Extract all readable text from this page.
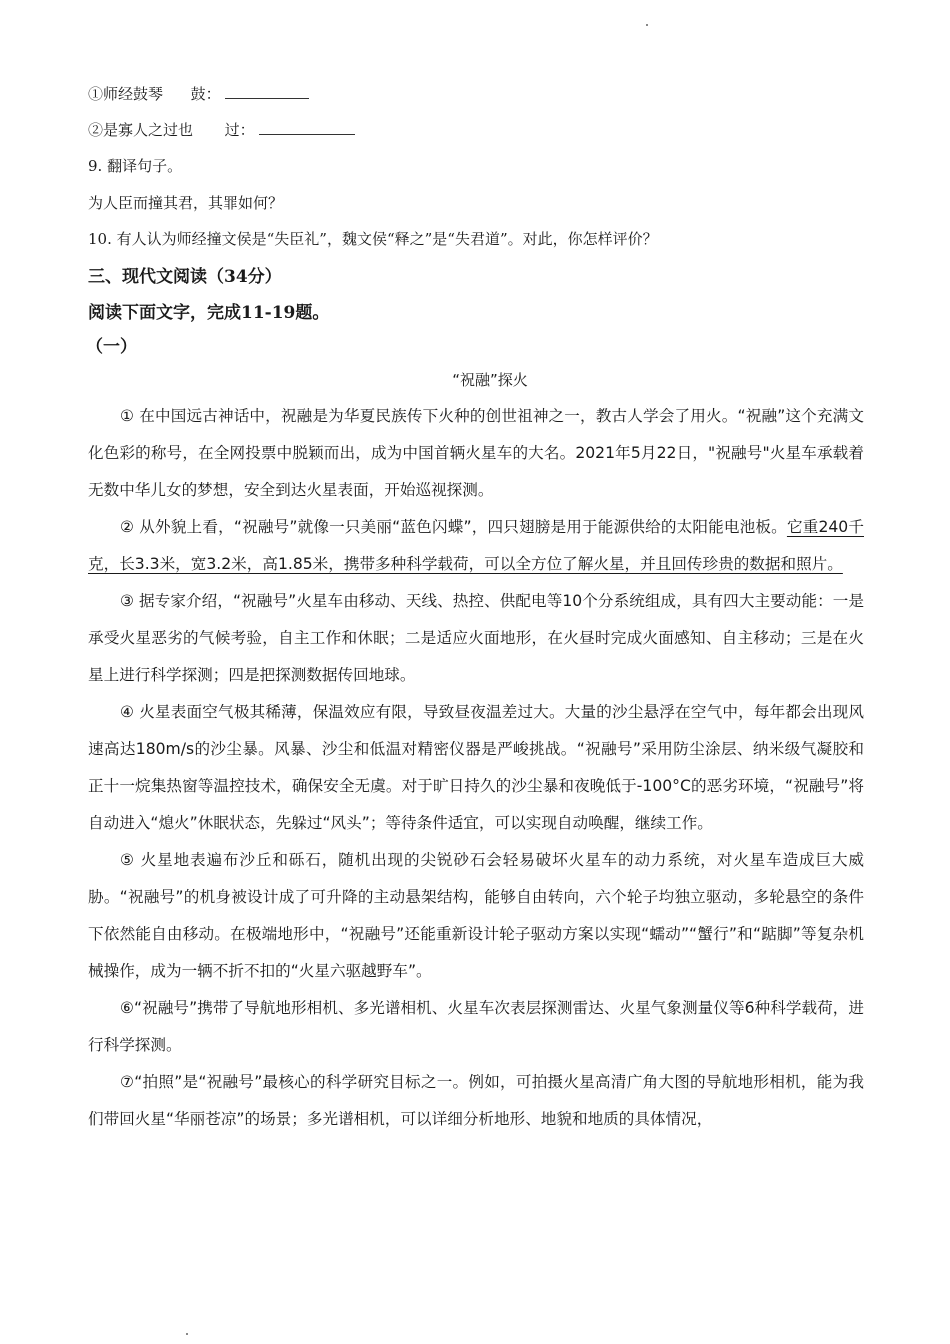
①师经鼓琴 鼓：
②是寡人之过也 过：
9. 翻译句子。
为人臣而撞其君，其罪如何？
10. 有人认为师经撞文侯是“失臣礼”，魏文侯“释之”是“失君道”。对此，你怎样评价？
三、现代文阅读（34分）
阅读下面文字，完成11-19题。
（一）
“祝融”探火

① 在中国远古神话中，祝融是为华夏民族传下火种的创世祖神之一，教古人学会了用火。“祝融”这个充满文化色彩的称号，在全网投票中脱颖而出，成为中国首辆火星车的大名。2021年5月22日，"祝融号"火星车承载着无数中华儿女的梦想，安全到达火星表面，开始巡视探测。

② 从外貌上看，“祝融号”就像一只美丽“蓝色闪蝶”，四只翅膀是用于能源供给的太阳能电池板。它重240千克，长3.3米，宽3.2米，高1.85米，携带多种科学载荷，可以全方位了解火星，并且回传珍贵的数据和照片。

③ 据专家介绍，“祝融号”火星车由移动、天线、热控、供配电等10个分系统组成，具有四大主要动能：一是承受火星恶劣的气候考验，自主工作和休眠；二是适应火面地形，在火昼时完成火面感知、自主移动；三是在火星上进行科学探测；四是把探测数据传回地球。

④ 火星表面空气极其稀薄，保温效应有限，导致昼夜温差过大。大量的沙尘悬浮在空气中，每年都会出现风速高达180m/s的沙尘暴。风暴、沙尘和低温对精密仪器是严峻挑战。“祝融号”采用防尘涂层、纳米级气凝胶和正十一烷集热窗等温控技术，确保安全无虞。对于旷日持久的沙尘暴和夜晚低于-100°C的恶劣环境，“祝融号”将自动进入“熄火”休眠状态，先躲过“风头”；等待条件适宜，可以实现自动唤醒，继续工作。

⑤ 火星地表遍布沙丘和砾石，随机出现的尖锐砂石会轻易破坏火星车的动力系统，对火星车造成巨大威胁。“祝融号”的机身被设计成了可升降的主动悬架结构，能够自由转向，六个轮子均独立驱动，多轮悬空的条件下依然能自由移动。在极端地形中，“祝融号”还能重新设计轮子驱动方案以实现“蠕动”“蟹行”和“踮脚”等复杂机械操作，成为一辆不折不扣的“火星六驱越野车”。

⑥“祝融号”携带了导航地形相机、多光谱相机、火星车次表层探测雷达、火星气象测量仪等6种科学载荷，进行科学探测。

⑦“拍照”是“祝融号”最核心的科学研究目标之一。例如，可拍摄火星高清广角大图的导航地形相机，能为我们带回火星“华丽苍凉”的场景；多光谱相机，可以详细分析地形、地貌和地质的具体情况，
